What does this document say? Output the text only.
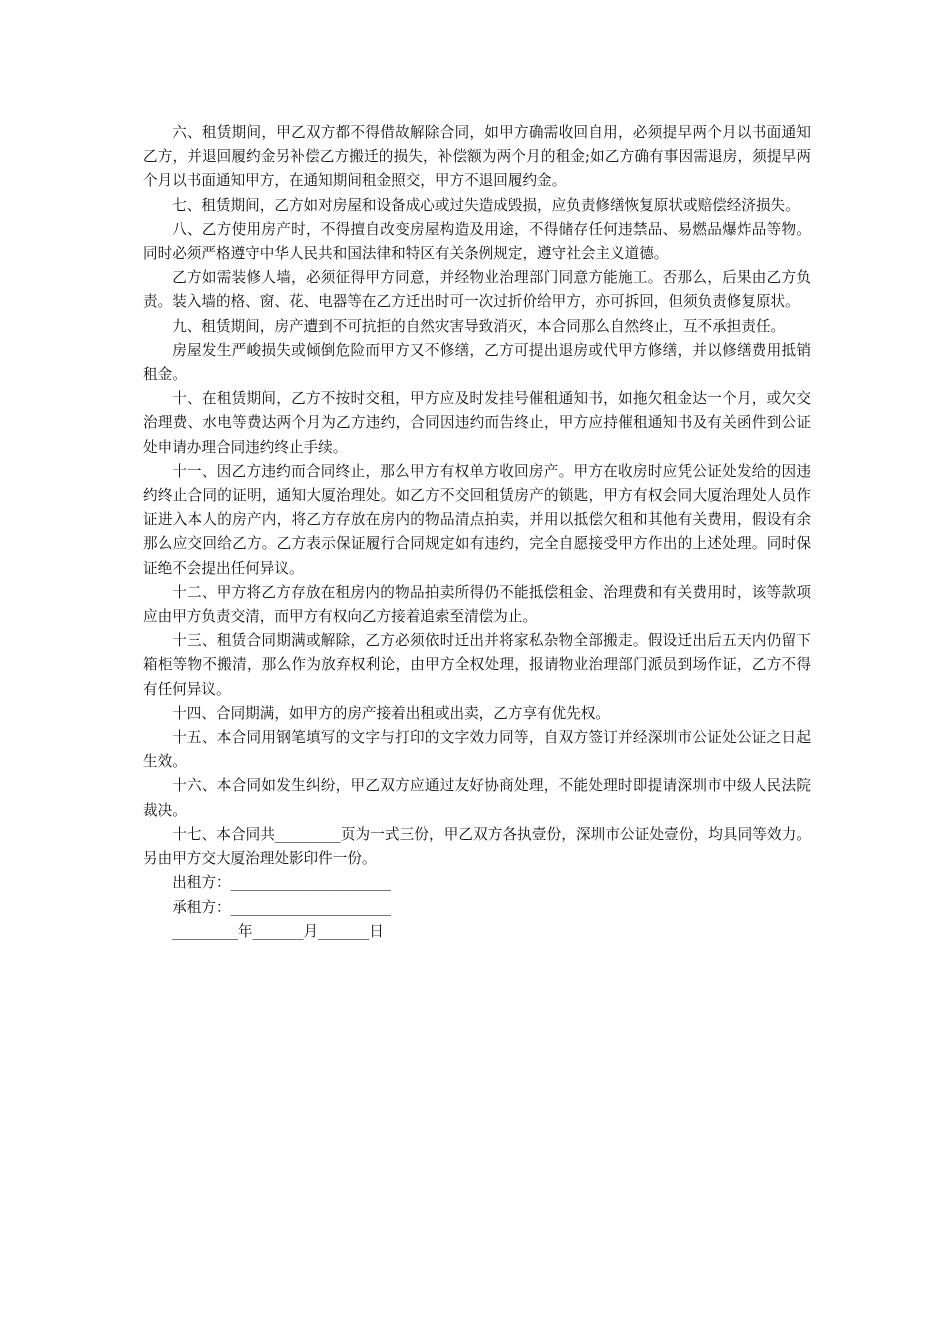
六、租赁期间，甲乙双方都不得借故解除合同，如甲方确需收回自用，必须提早两个月以书面通知乙方，并退回履约金另补偿乙方搬迁的损失，补偿额为两个月的租金;如乙方确有事因需退房，须提早两个月以书面通知甲方，在通知期间租金照交，甲方不退回履约金。

七、租赁期间，乙方如对房屋和设备成心或过失造成毁损，应负责修缮恢复原状或赔偿经济损失。

八、乙方使用房产时，不得擅自改变房屋构造及用途，不得储存任何违禁品、易燃品爆炸品等物。同时必须严格遵守中华人民共和国法律和特区有关条例规定，遵守社会主义道德。

乙方如需装修人墙，必须征得甲方同意，并经物业治理部门同意方能施工。否那么，后果由乙方负责。装入墙的格、窗、花、电器等在乙方迁出时可一次过折价给甲方，亦可拆回，但须负责修复原状。

九、租赁期间，房产遭到不可抗拒的自然灾害导致消灭，本合同那么自然终止，互不承担责任。

房屋发生严峻损失或倾倒危险而甲方又不修缮，乙方可提出退房或代甲方修缮，并以修缮费用抵销租金。

十、在租赁期间，乙方不按时交租，甲方应及时发挂号催租通知书，如拖欠租金达一个月，或欠交治理费、水电等费达两个月为乙方违约，合同因违约而告终止，甲方应持催租通知书及有关函件到公证处申请办理合同违约终止手续。

十一、因乙方违约而合同终止，那么甲方有权单方收回房产。甲方在收房时应凭公证处发给的因违约终止合同的证明，通知大厦治理处。如乙方不交回租赁房产的锁匙，甲方有权会同大厦治理处人员作证进入本人的房产内，将乙方存放在房内的物品清点拍卖，并用以抵偿欠租和其他有关费用，假设有余那么应交回给乙方。乙方表示保证履行合同规定如有违约，完全自愿接受甲方作出的上述处理。同时保证绝不会提出任何异议。

十二、甲方将乙方存放在租房内的物品拍卖所得仍不能抵偿租金、治理费和有关费用时，该等款项应由甲方负责交清，而甲方有权向乙方接着追索至清偿为止。

十三、租赁合同期满或解除，乙方必须依时迁出并将家私杂物全部搬走。假设迁出后五天内仍留下箱柜等物不搬清，那么作为放弃权利论，由甲方全权处理，报请物业治理部门派员到场作证，乙方不得有任何异议。

十四、合同期满，如甲方的房产接着出租或出卖，乙方享有优先权。

十五、本合同用钢笔填写的文字与打印的文字效力同等，自双方签订并经深圳市公证处公证之日起生效。

十六、本合同如发生纠纷，甲乙双方应通过友好协商处理，不能处理时即提请深圳市中级人民法院裁决。

十七、本合同共_________页为一式三份，甲乙双方各执壹份，深圳市公证处壹份，均具同等效力。另由甲方交大厦治理处影印件一份。

出租方：______________________

承租方：______________________

_________年_______月_______日
